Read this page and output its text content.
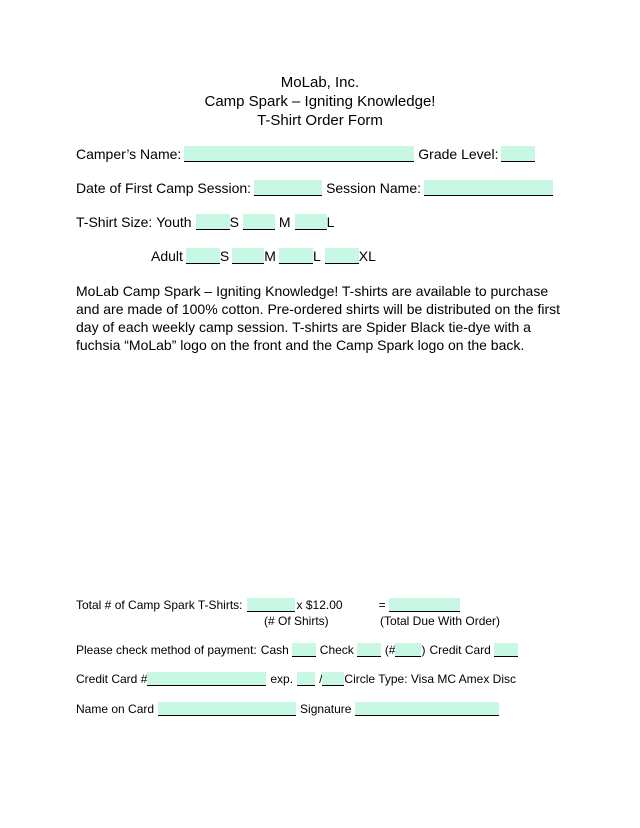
MoLab, Inc.
Camp Spark – Igniting Knowledge!
T-Shirt Order Form
Camper’s Name:	Grade Level:
Date of First Camp Session:	Session Name:
T-Shirt Size: Youth	S	M	L
Adult	S	M	L	XL
MoLab Camp Spark – Igniting Knowledge! T-shirts are available to purchase and are made of 100% cotton. Pre-ordered shirts will be distributed on the first day of each weekly camp session. T-shirts are Spider Black tie-dye with a fuchsia “MoLab” logo on the front and the Camp Spark logo on the back.
Total # of Camp Spark T-Shirts:	x $12.00	=
(# Of Shirts)	(Total Due With Order)
Please check method of payment: Cash	Check	(# ) Credit Card
Credit Card #	exp. / Circle Type: Visa MC Amex Disc
Name on Card	Signature
